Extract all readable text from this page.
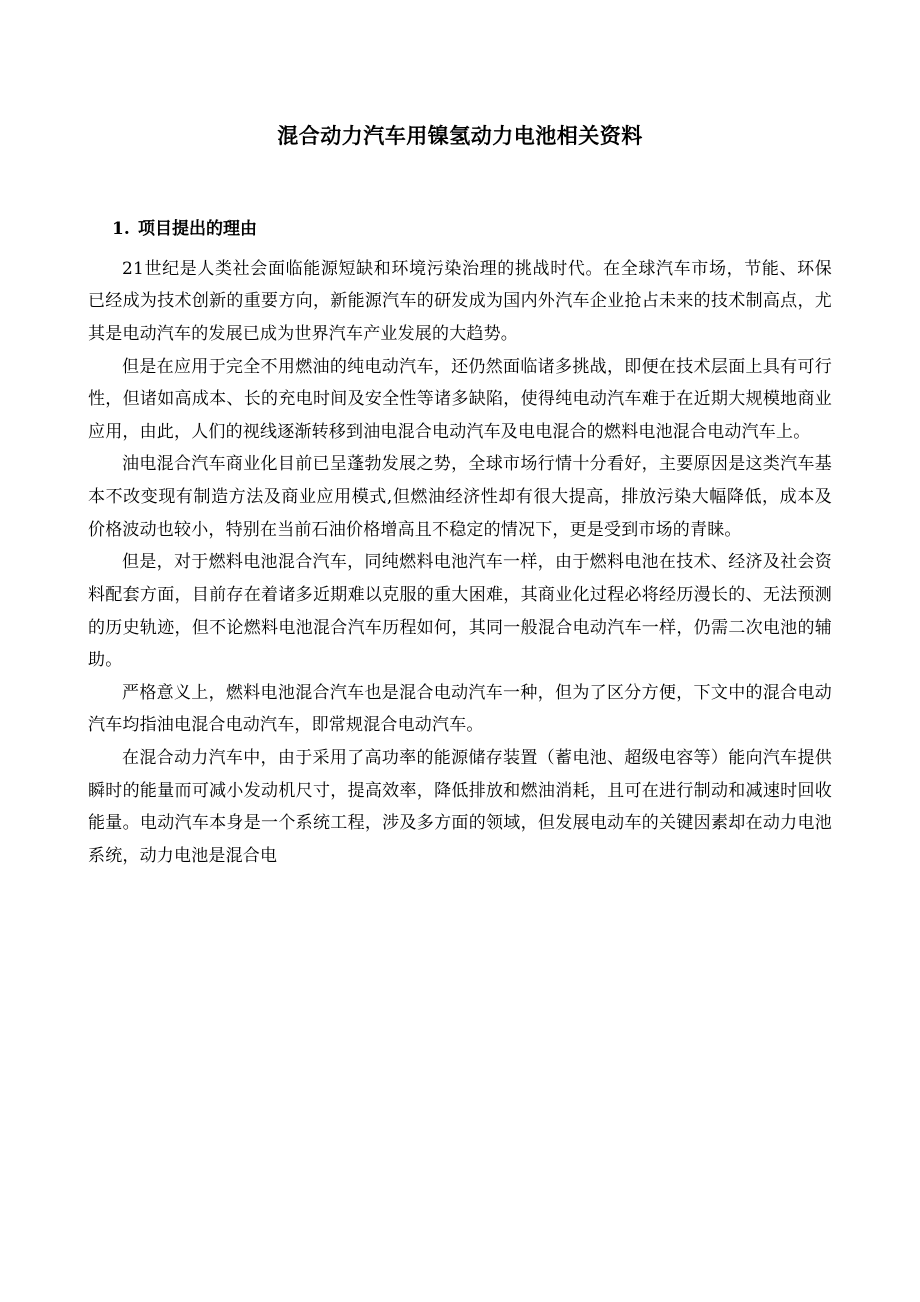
混合动力汽车用镍氢动力电池相关资料
1. 项目提出的理由

21世纪是人类社会面临能源短缺和环境污染治理的挑战时代。在全球汽车市场，节能、环保已经成为技术创新的重要方向，新能源汽车的研发成为国内外汽车企业抢占未来的技术制高点，尤其是电动汽车的发展已成为世界汽车产业发展的大趋势。

但是在应用于完全不用燃油的纯电动汽车，还仍然面临诸多挑战，即便在技术层面上具有可行性，但诸如高成本、长的充电时间及安全性等诸多缺陷，使得纯电动汽车难于在近期大规模地商业应用，由此，人们的视线逐渐转移到油电混合电动汽车及电电混合的燃料电池混合电动汽车上。

油电混合汽车商业化目前已呈蓬勃发展之势，全球市场行情十分看好，主要原因是这类汽车基本不改变现有制造方法及商业应用模式,但燃油经济性却有很大提高，排放污染大幅降低，成本及价格波动也较小，特别在当前石油价格增高且不稳定的情况下，更是受到市场的青睐。

但是，对于燃料电池混合汽车，同纯燃料电池汽车一样，由于燃料电池在技术、经济及社会资料配套方面，目前存在着诸多近期难以克服的重大困难，其商业化过程必将经历漫长的、无法预测的历史轨迹，但不论燃料电池混合汽车历程如何，其同一般混合电动汽车一样，仍需二次电池的辅助。

严格意义上，燃料电池混合汽车也是混合电动汽车一种，但为了区分方便，下文中的混合电动汽车均指油电混合电动汽车，即常规混合电动汽车。

在混合动力汽车中，由于采用了高功率的能源储存装置（蓄电池、超级电容等）能向汽车提供瞬时的能量而可减小发动机尺寸，提高效率，降低排放和燃油消耗，且可在进行制动和减速时回收能量。电动汽车本身是一个系统工程，涉及多方面的领域，但发展电动车的关键因素却在动力电池系统，动力电池是混合电
